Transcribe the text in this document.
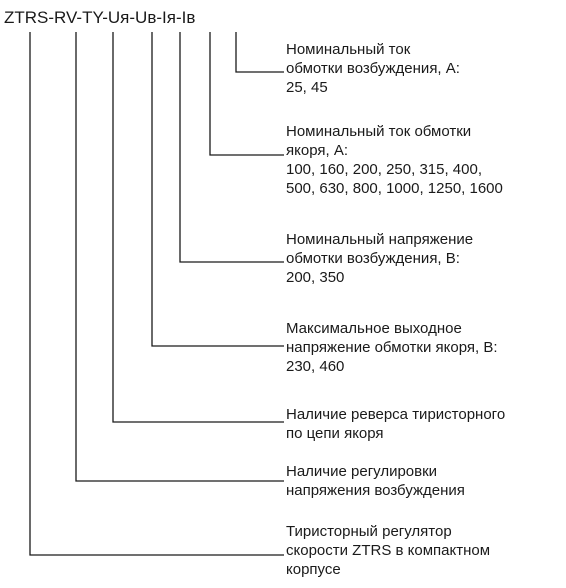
ZTRS-RV-TY-Uя-Uв-Iя-Iв
Номинальный ток
обмотки возбуждения, А:
25, 45
Номинальный ток обмотки
якоря, А:
100, 160, 200, 250, 315, 400,
500, 630, 800, 1000, 1250, 1600
Номинальный напряжение
обмотки возбуждения, В:
200, 350
Максимальное выходное
напряжение обмотки якоря, В:
230, 460
Наличие реверса тиристорного
по цепи якоря
Наличие регулировки
напряжения возбуждения
Тиристорный регулятор
скорости ZTRS в компактном
корпусе
